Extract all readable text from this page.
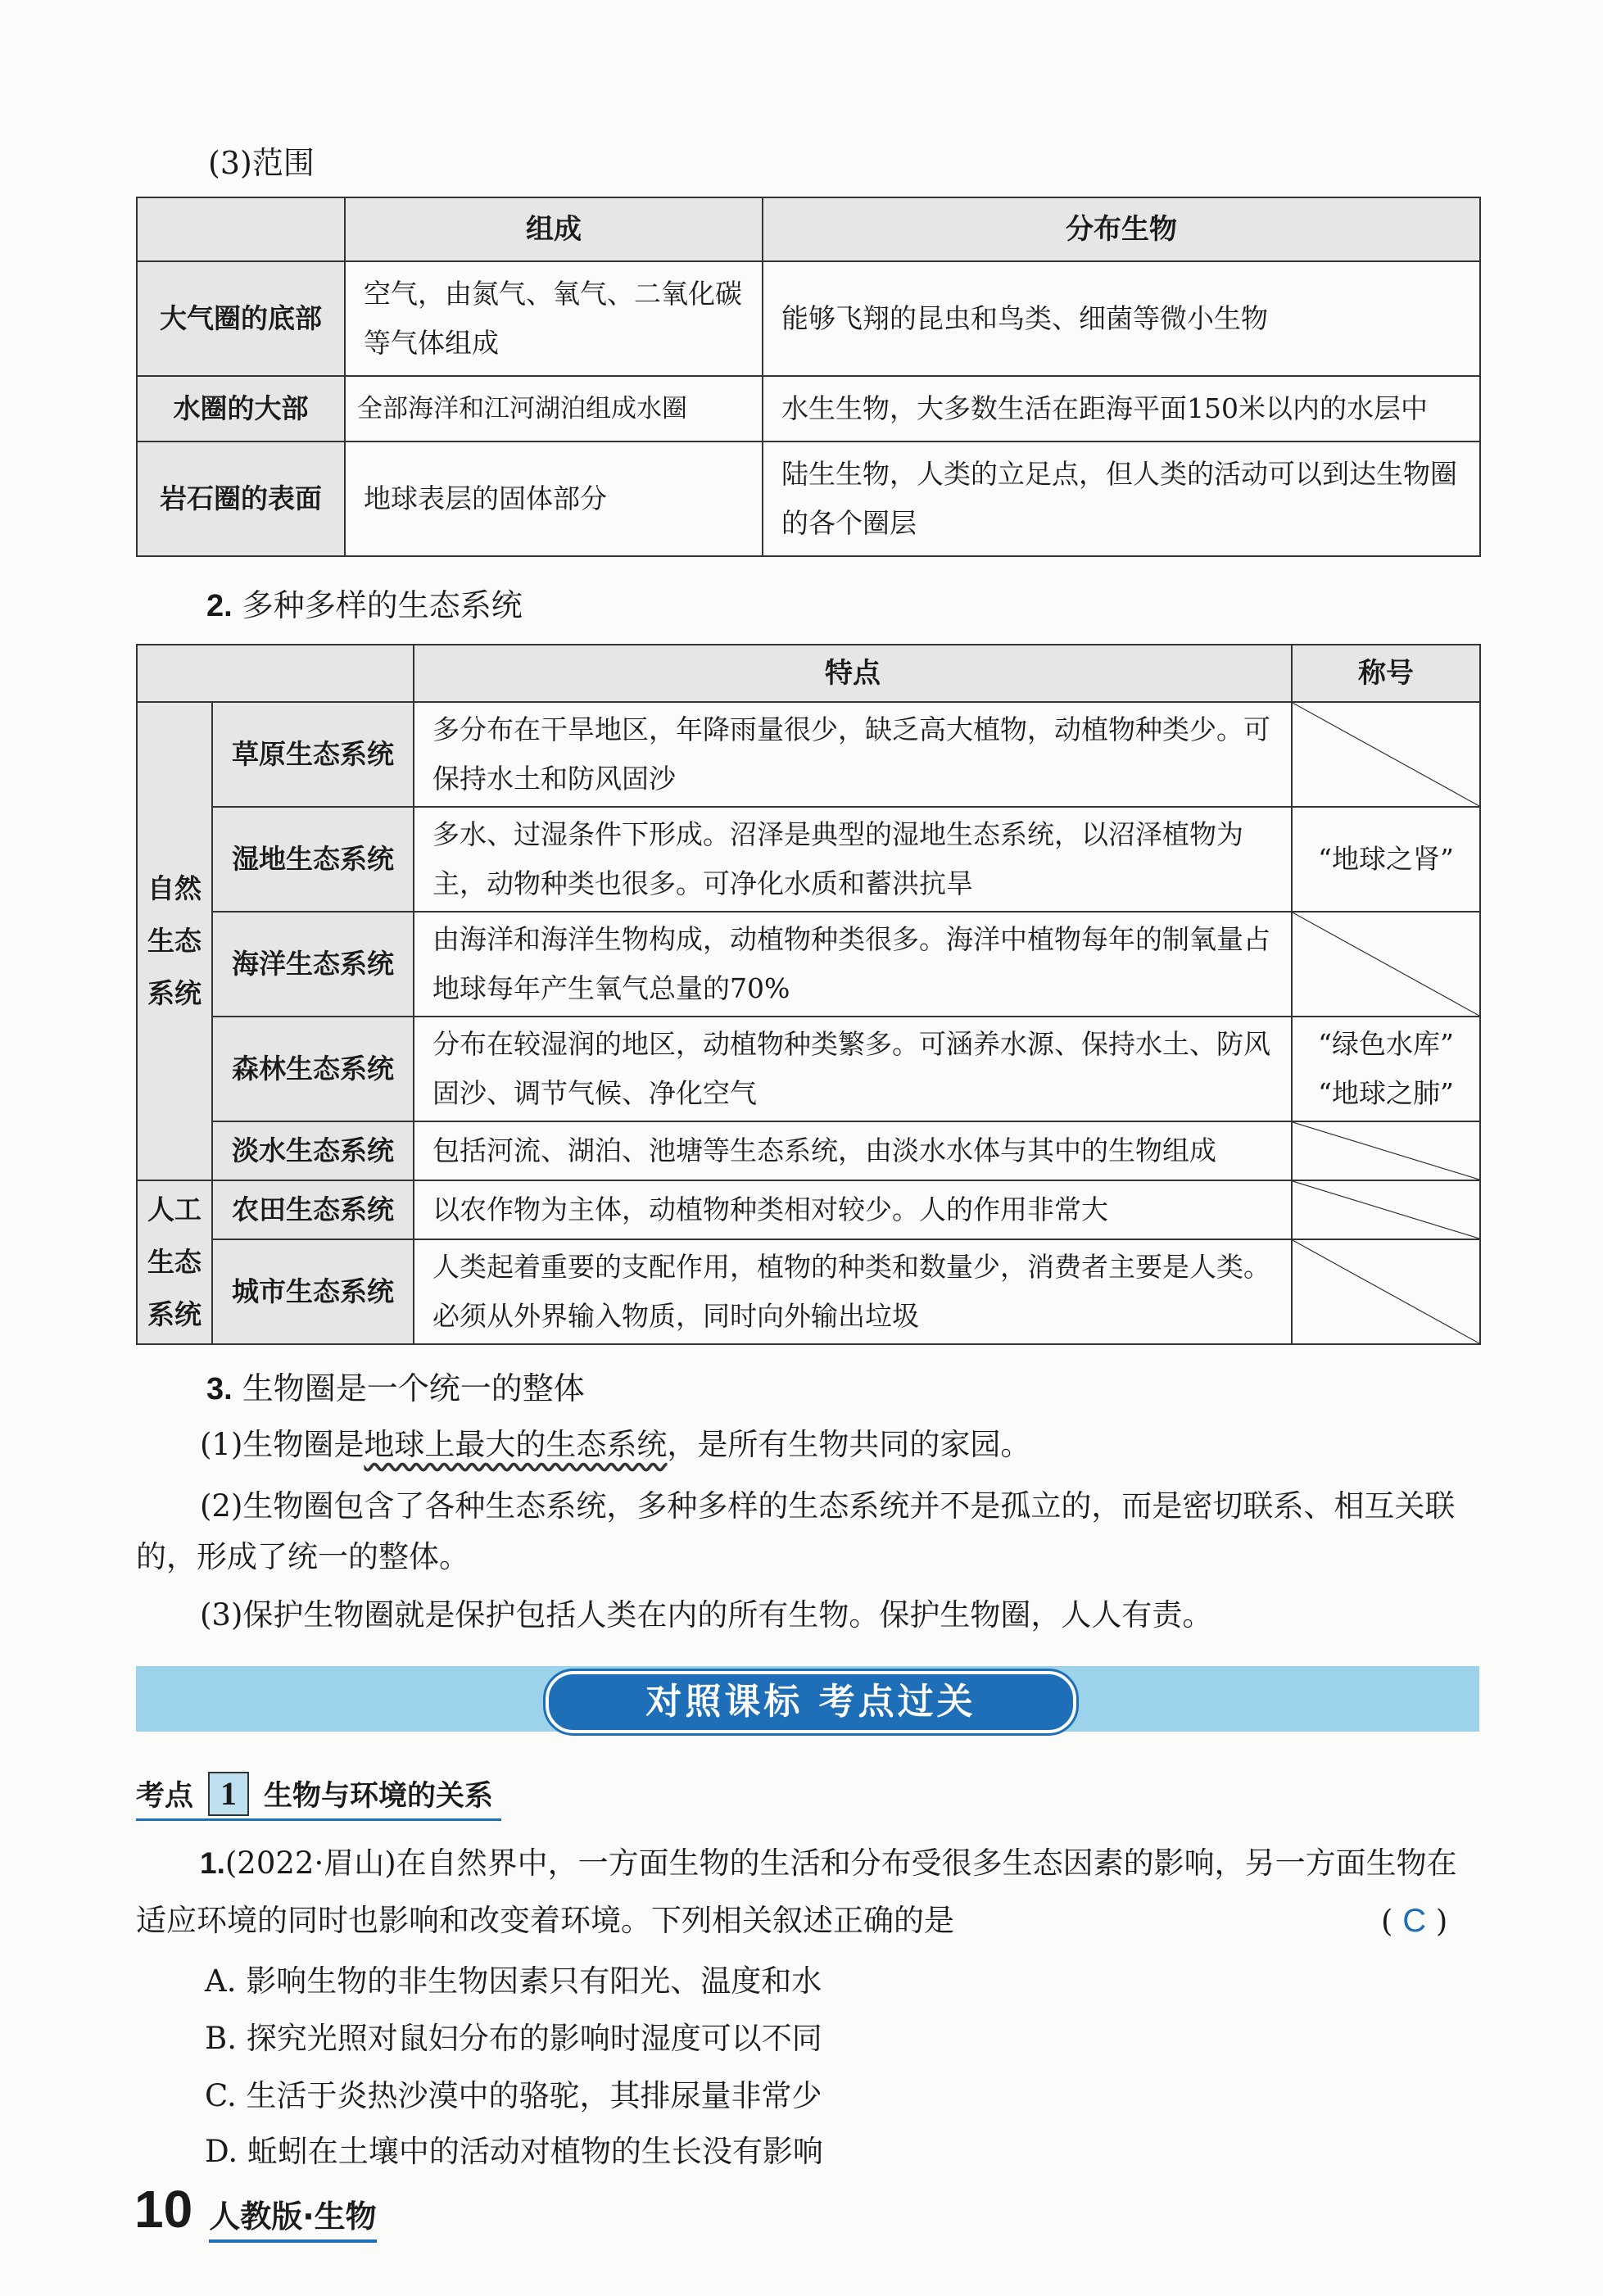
(3)范围
	组成	分布生物
大气圈的底部	空气，由氮气、氧气、二氧化碳等气体组成	能够飞翔的昆虫和鸟类、细菌等微小生物
水圈的大部	全部海洋和江河湖泊组成水圈	水生生物，大多数生活在距海平面150米以内的水层中
岩石圈的表面	地球表层的固体部分	陆生生物，人类的立足点，但人类的活动可以到达生物圈的各个圈层
2. 多种多样的生态系统
		特点	称号
自然生态系统	草原生态系统	多分布在干旱地区，年降雨量很少，缺乏高大植物，动植物种类少。可保持水土和防风固沙	

	湿地生态系统	多水、过湿条件下形成。沼泽是典型的湿地生态系统，以沼泽植物为主，动物种类也很多。可净化水质和蓄洪抗旱	“地球之肾”
	海洋生态系统	由海洋和海洋生物构成，动植物种类很多。海洋中植物每年的制氧量占地球每年产生氧气总量的70%	

	森林生态系统	分布在较湿润的地区，动植物种类繁多。可涵养水源、保持水土、防风固沙、调节气候、净化空气	“绿色水库”
“地球之肺”

	淡水生态系统	包括河流、湖泊、池塘等生态系统，由淡水水体与其中的生物组成	

人工生态系统	农田生态系统	以农作物为主体，动植物种类相对较少。人的作用非常大	

	城市生态系统	人类起着重要的支配作用，植物的种类和数量少，消费者主要是人类。必须从外界输入物质，同时向外输出垃圾	
3. 生物圈是一个统一的整体
(1)生物圈是地球上最大的生态系统，是所有生物共同的家园。
(2)生物圈包含了各种生态系统，多种多样的生态系统并不是孤立的，而是密切联系、相互关联的，形成了统一的整体。
(3)保护生物圈就是保护包括人类在内的所有生物。保护生物圈，人人有责。
对照课标 考点过关
考点 1 生物与环境的关系
1.(2022·眉山)在自然界中，一方面生物的生活和分布受很多生态因素的影响，另一方面生物在适应环境的同时也影响和改变着环境。下列相关叙述正确的是	( C )
A. 影响生物的非生物因素只有阳光、温度和水
B. 探究光照对鼠妇分布的影响时湿度可以不同
C. 生活于炎热沙漠中的骆驼，其排尿量非常少
D. 蚯蚓在土壤中的活动对植物的生长没有影响
10 人教版·生物
